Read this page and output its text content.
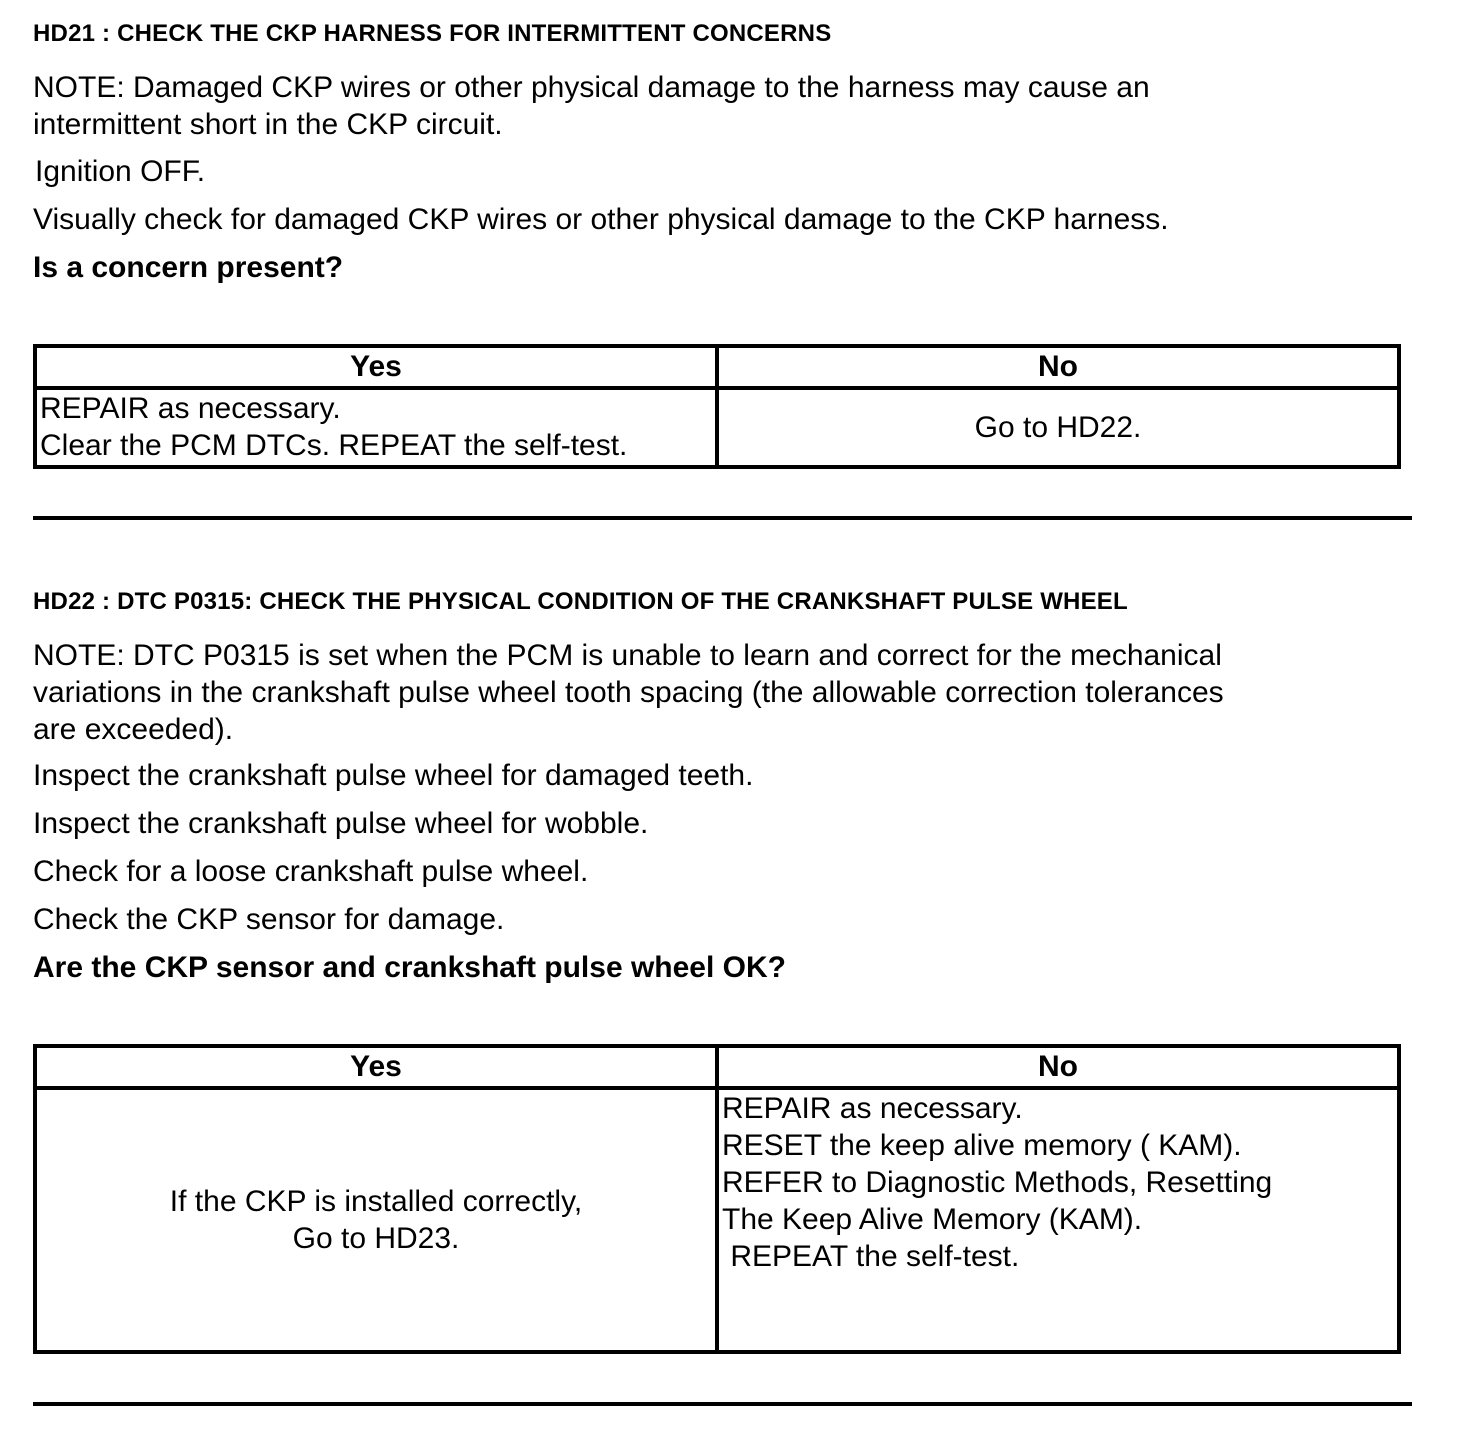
HD21 : CHECK THE CKP HARNESS FOR INTERMITTENT CONCERNS

NOTE: Damaged CKP wires or other physical damage to the harness may cause an
intermittent short in the CKP circuit.

Ignition OFF.

Visually check for damaged CKP wires or other physical damage to the CKP harness.

Is a concern present?

Yes	No

REPAIR as necessary.
Clear the PCM DTCs. REPEAT the self-test.	Go to HD22.

HD22 : DTC P0315: CHECK THE PHYSICAL CONDITION OF THE CRANKSHAFT PULSE WHEEL

NOTE: DTC P0315 is set when the PCM is unable to learn and correct for the mechanical
variations in the crankshaft pulse wheel tooth spacing (the allowable correction tolerances
are exceeded).

Inspect the crankshaft pulse wheel for damaged teeth.

Inspect the crankshaft pulse wheel for wobble.

Check for a loose crankshaft pulse wheel.

Check the CKP sensor for damage.

Are the CKP sensor and crankshaft pulse wheel OK?

Yes	No

If the CKP is installed correctly,
Go to HD23.	REPAIR as necessary.
RESET the keep alive memory ( KAM).
REFER to Diagnostic Methods, Resetting
The Keep Alive Memory (KAM).
REPEAT the self-test.
